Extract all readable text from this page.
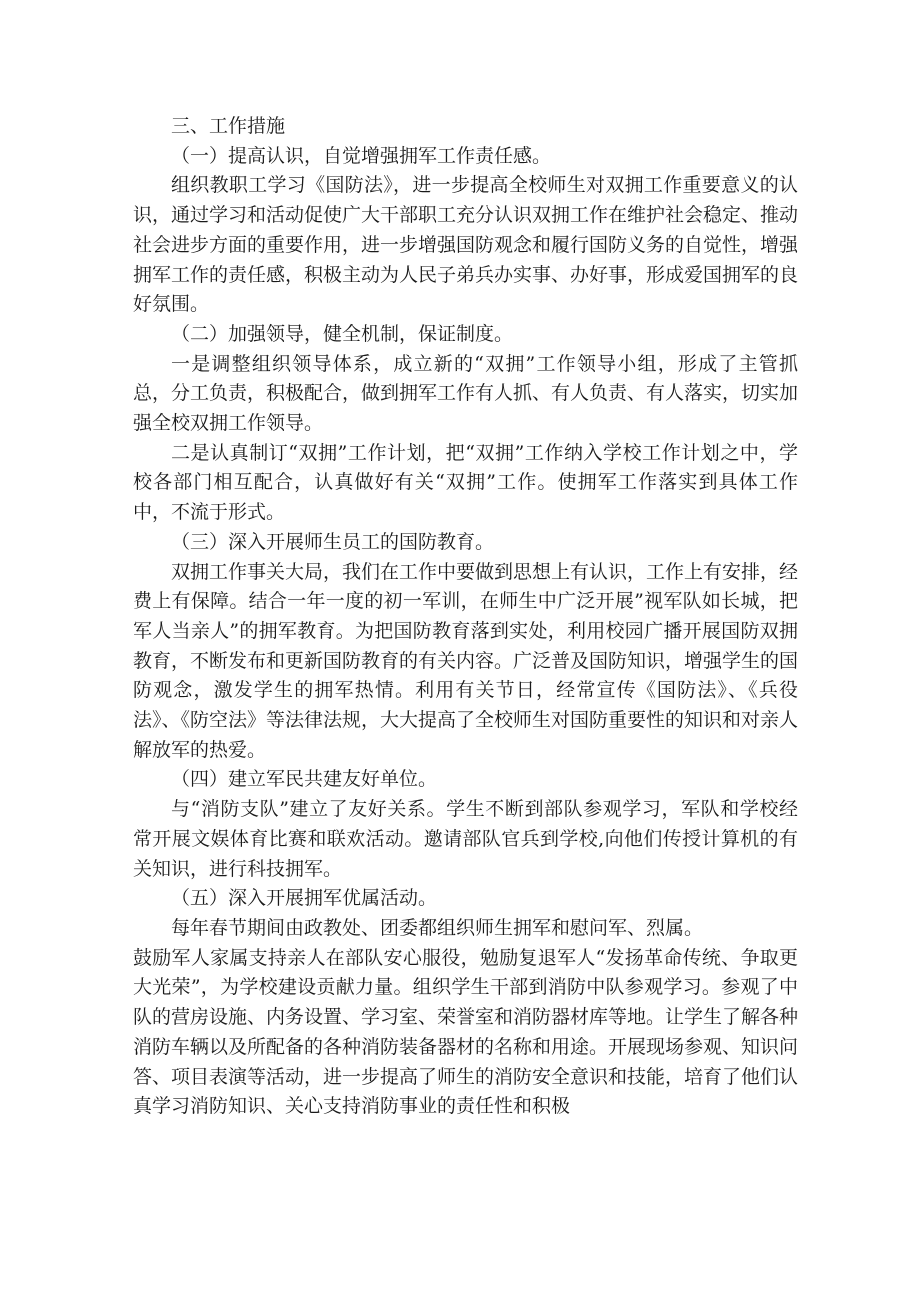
三、工作措施

（一）提高认识，自觉增强拥军工作责任感。

组织教职工学习《国防法》，进一步提高全校师生对双拥工作重要意义的认识，通过学习和活动促使广大干部职工充分认识双拥工作在维护社会稳定、推动社会进步方面的重要作用，进一步增强国防观念和履行国防义务的自觉性，增强拥军工作的责任感，积极主动为人民子弟兵办实事、办好事，形成爱国拥军的良好氛围。

（二）加强领导，健全机制，保证制度。

一是调整组织领导体系，成立新的“双拥”工作领导小组，形成了主管抓总，分工负责，积极配合，做到拥军工作有人抓、有人负责、有人落实，切实加强全校双拥工作领导。

二是认真制订“双拥”工作计划，把“双拥”工作纳入学校工作计划之中，学校各部门相互配合，认真做好有关“双拥”工作。使拥军工作落实到具体工作中，不流于形式。

（三）深入开展师生员工的国防教育。

双拥工作事关大局，我们在工作中要做到思想上有认识，工作上有安排，经费上有保障。结合一年一度的初一军训，在师生中广泛开展”视军队如长城，把军人当亲人”的拥军教育。为把国防教育落到实处，利用校园广播开展国防双拥教育，不断发布和更新国防教育的有关内容。广泛普及国防知识，增强学生的国防观念，激发学生的拥军热情。利用有关节日，经常宣传《国防法》、《兵役法》、《防空法》等法律法规，大大提高了全校师生对国防重要性的知识和对亲人解放军的热爱。

（四）建立军民共建友好单位。

与“消防支队”建立了友好关系。学生不断到部队参观学习，军队和学校经常开展文娱体育比赛和联欢活动。邀请部队官兵到学校,向他们传授计算机的有关知识，进行科技拥军。

（五）深入开展拥军优属活动。

每年春节期间由政教处、团委都组织师生拥军和慰问军、烈属。

鼓励军人家属支持亲人在部队安心服役，勉励复退军人“发扬革命传统、争取更大光荣”，为学校建设贡献力量。组织学生干部到消防中队参观学习。参观了中队的营房设施、内务设置、学习室、荣誉室和消防器材库等地。让学生了解各种消防车辆以及所配备的各种消防装备器材的名称和用途。开展现场参观、知识问答、项目表演等活动，进一步提高了师生的消防安全意识和技能，培育了他们认真学习消防知识、关心支持消防事业的责任性和积极
